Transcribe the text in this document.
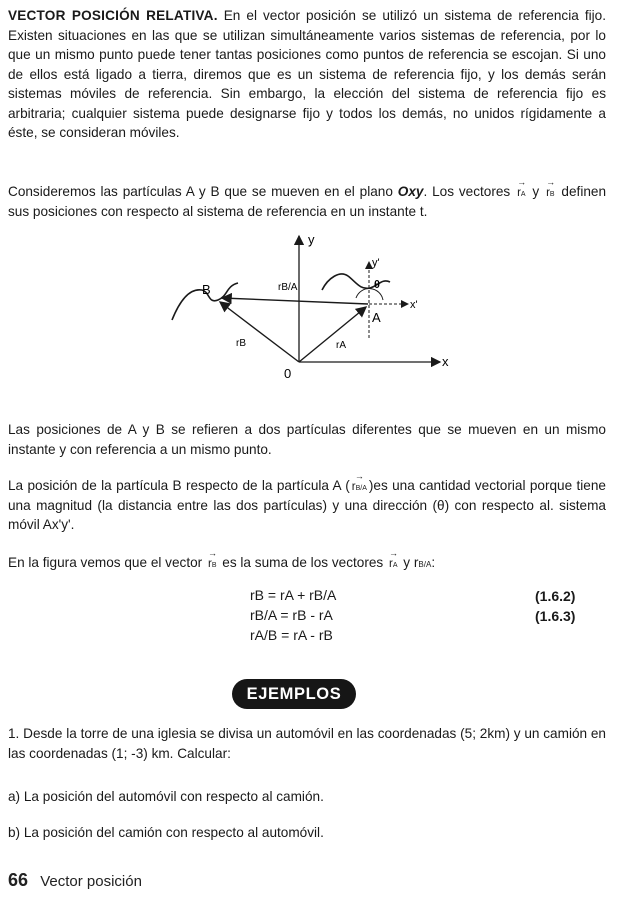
VECTOR POSICIÓN RELATIVA. En el vector posición se utilizó un sistema de referencia fijo. Existen situaciones en las que se utilizan simultáneamente varios sistemas de referencia, por lo que un mismo punto puede tener tantas posiciones como puntos de referencia se escojan. Si uno de ellos está ligado a tierra, diremos que es un sistema de referencia fijo, y los demás serán sistemas móviles de referencia. Sin embargo, la elección del sistema de referencia fijo es arbitraria; cualquier sistema puede designarse fijo y todos los demás, no unidos rígidamente a éste, se consideran móviles.

Consideremos las partículas A y B que se mueven en el plano Oxy. Los vectores → rA y → rB definen sus posiciones con respecto al sistema de referencia en un instante t.

y
x
0
y'
x'
θ
A
B	rB/A
rB	rA

Las posiciones de A y B se refieren a dos partículas diferentes que se mueven en un mismo instante y con referencia a un mismo punto.

La posición de la partícula B respecto de la partícula A ( → rB/A )es una cantidad vectorial porque tiene una magnitud (la distancia entre las dos partículas) y una dirección (θ) con respecto al. sistema móvil Ax'y'.

En la figura vemos que el vector → rB es la suma de los vectores → rA y rB/A:

rB = rA + rB/A	(1.6.2)
rB/A = rB - rA	(1.6.3)
rA/B = rA - rB
EJEMPLOS

1. Desde la torre de una iglesia se divisa un automóvil en las coordenadas (5; 2km) y un camión en las coordenadas (1; -3) km. Calcular:

a) La posición del automóvil con respecto al camión.

b) La posición del camión con respecto al automóvil.

66 Vector posición
